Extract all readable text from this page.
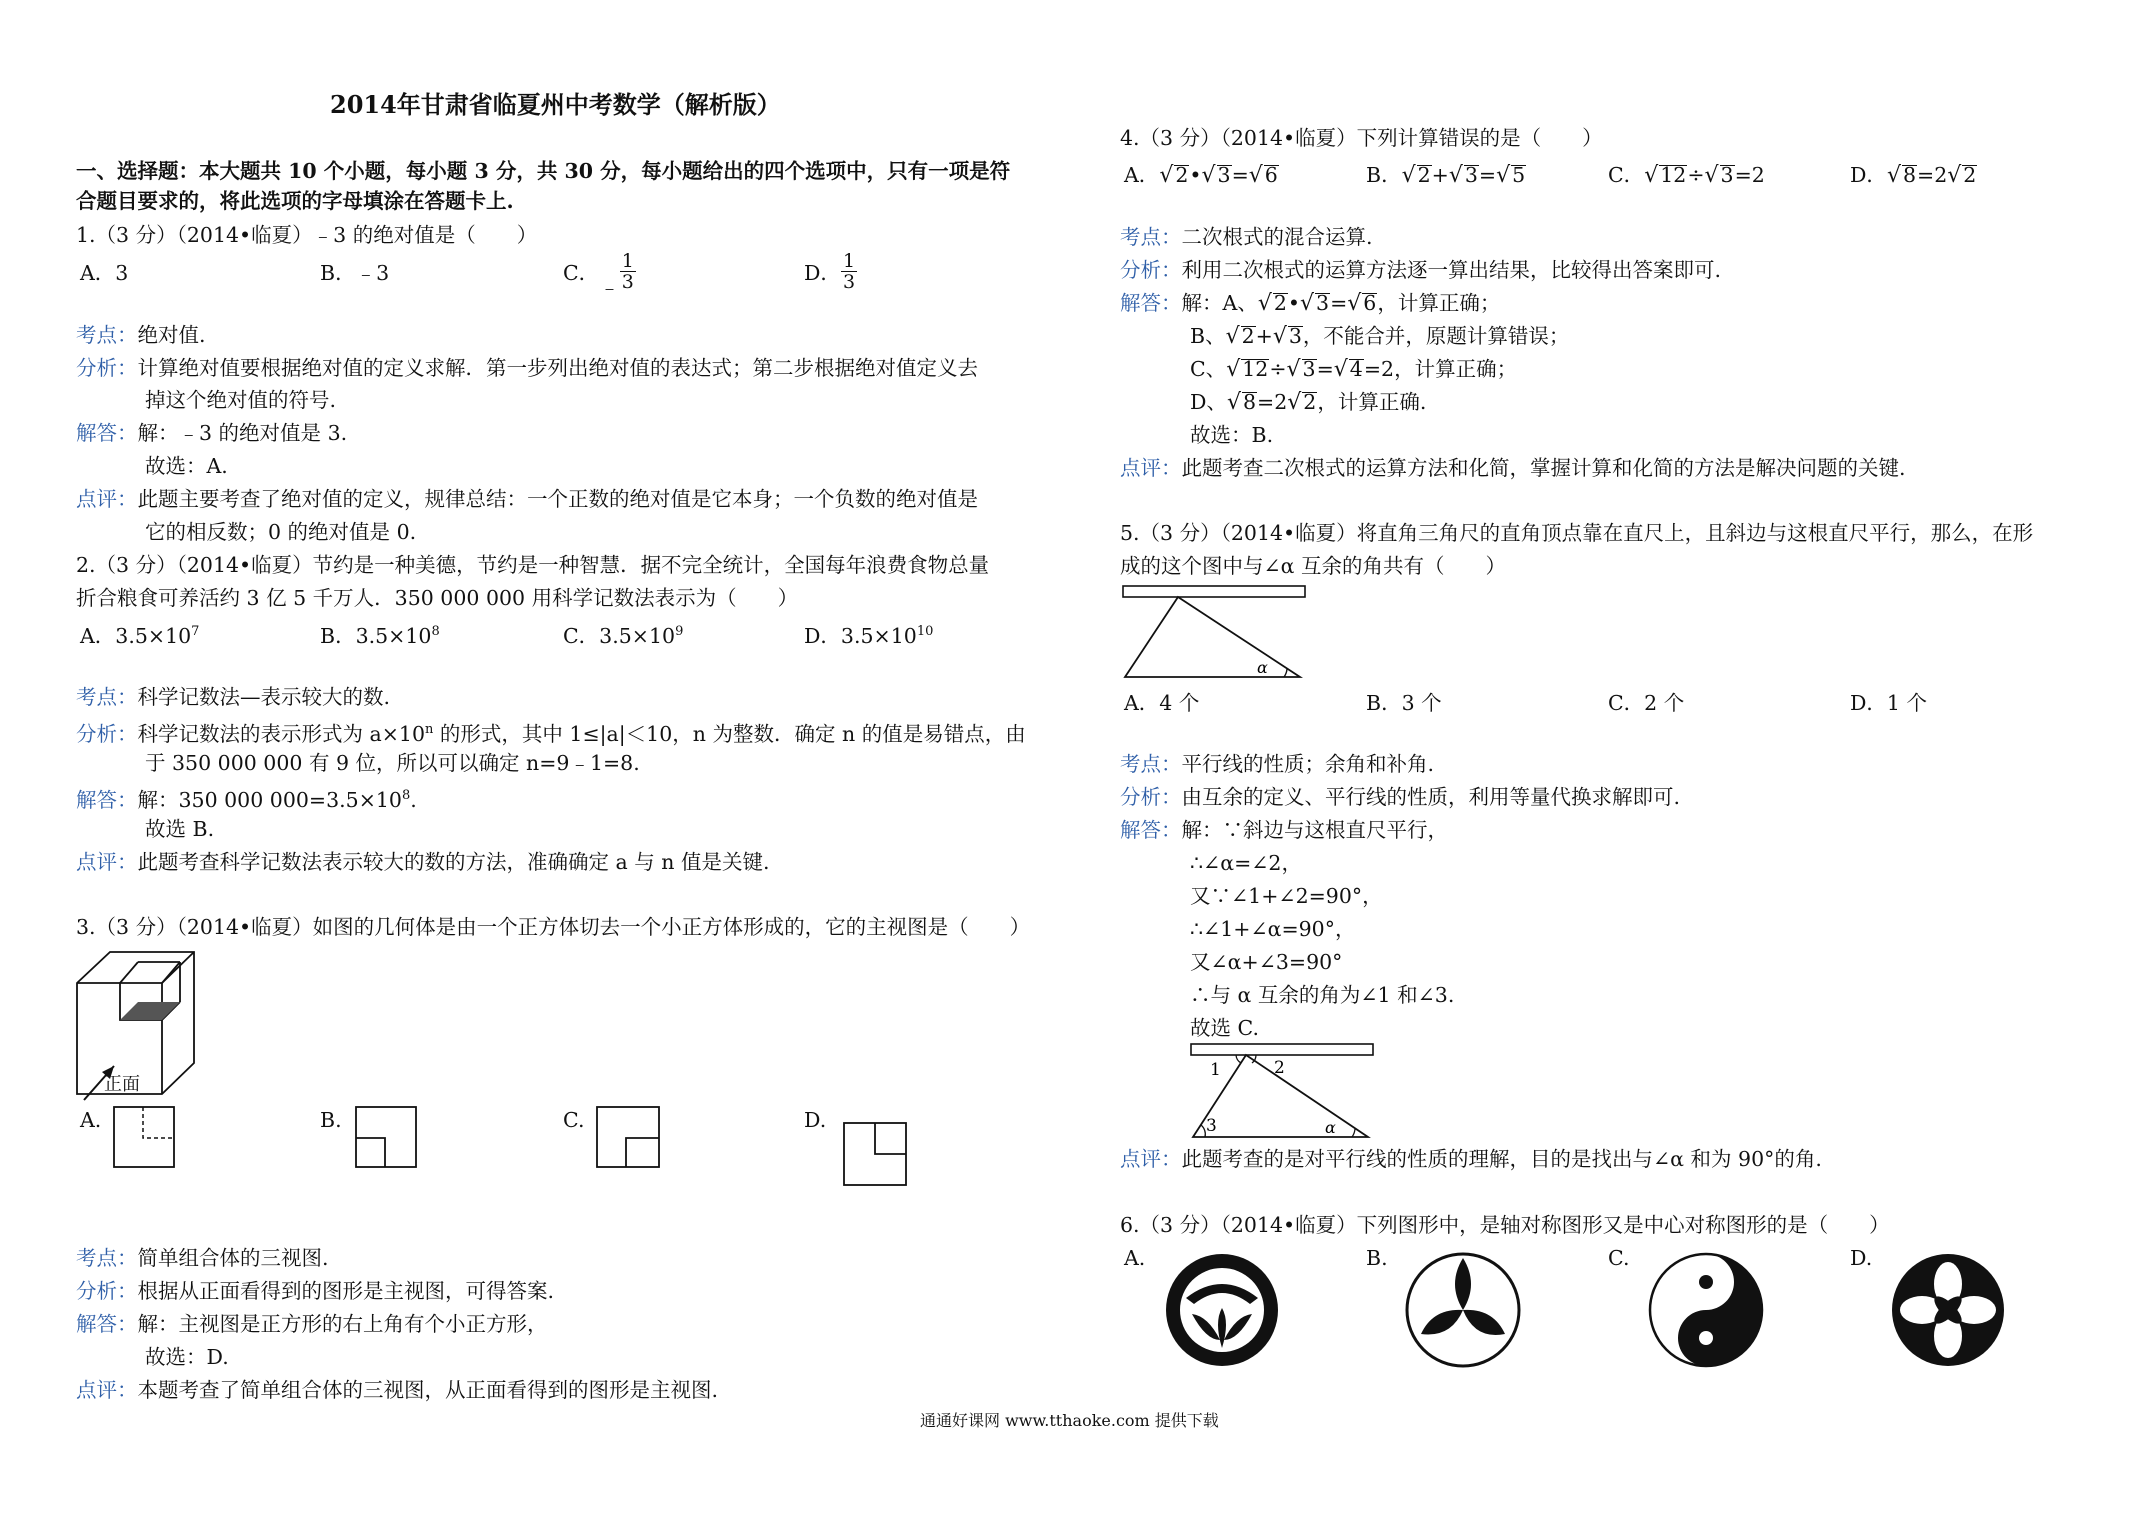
2014年甘肃省临夏州中考数学（解析版）
一、选择题：本大题共 10 个小题，每小题 3 分，共 30 分，每小题给出的四个选项中，只有一项是符
合题目要求的，将此选项的字母填涂在答题卡上.
1.（3 分）（2014•临夏）﹣3 的绝对值是（　　）
A．3	B．﹣3	C．﹣ $\frac{1}{3}$	D． $\frac{1}{3}$
考点：绝对值.
分析：计算绝对值要根据绝对值的定义求解．第一步列出绝对值的表达式；第二步根据绝对值定义去
掉这个绝对值的符号.
解答：解：﹣3 的绝对值是 3.
故选：A.
点评：此题主要考查了绝对值的定义，规律总结：一个正数的绝对值是它本身；一个负数的绝对值是
它的相反数；0 的绝对值是 0.
2.（3 分）（2014•临夏）节约是一种美德，节约是一种智慧．据不完全统计，全国每年浪费食物总量
折合粮食可养活约 3 亿 5 千万人．350 000 000 用科学记数法表示为（　　）
A．$3.5\times 10^7$	B．$3.5\times 10^8$	C．$3.5\times 10^9$	D．$3.5\times 10^{10}$
考点：科学记数法—表示较大的数.
分析：科学记数法的表示形式为 $a\times 10^n$ 的形式，其中 1≤|a|＜10，n 为整数．确定 n 的值是易错点，由
于 350 000 000 有 9 位，所以可以确定 n=9﹣1=8.
解答：解：350 000 $000=3.5\times 10^8$.
故选 B.
点评：此题考查科学记数法表示较大的数的方法，准确确定 a 与 n 值是关键.
3.（3 分）（2014•临夏）如图的几何体是由一个正方体切去一个小正方体形成的，它的主视图是（　　）
正面
A.	B.	C.	D.
考点：简单组合体的三视图.
分析：根据从正面看得到的图形是主视图，可得答案.
解答：解：主视图是正方形的右上角有个小正方形，
故选：D.
点评：本题考查了简单组合体的三视图，从正面看得到的图形是主视图.
4.（3 分）（2014•临夏）下列计算错误的是（　　）
A．√2•√3=√6	B．√2+√3=√5	C．√12÷√3=2	D．√8=2√2
考点：二次根式的混合运算.
分析：利用二次根式的运算方法逐一算出结果，比较得出答案即可.
解答：解：A、√2•√3=√6，计算正确；
B、√2+√3，不能合并，原题计算错误；
C、√12÷√3=√4=2，计算正确；
D、√8=2√2，计算正确.
故选：B.
点评：此题考查二次根式的运算方法和化简，掌握计算和化简的方法是解决问题的关键.
5.（3 分）（2014•临夏）将直角三角尺的直角顶点靠在直尺上，且斜边与这根直尺平行，那么，在形
成的这个图中与∠α 互余的角共有（　　）
α
A．4 个	B．3 个	C．2 个	D．1 个
考点：平行线的性质；余角和补角.
分析：由互余的定义、平行线的性质，利用等量代换求解即可.
解答：解：∵斜边与这根直尺平行，
∴∠α=∠2，
又∵∠1+∠2=90°，
∴∠1+∠α=90°，
又∠α+∠3=90°
∴与 α 互余的角为∠1 和∠3.
故选 C.
1	2
3	α
点评：此题考查的是对平行线的性质的理解，目的是找出与∠α 和为 90°的角.
6.（3 分）（2014•临夏）下列图形中，是轴对称图形又是中心对称图形的是（　　）
A.	B.	C.	D.
通通好课网 www.tthaoke.com 提供下载
